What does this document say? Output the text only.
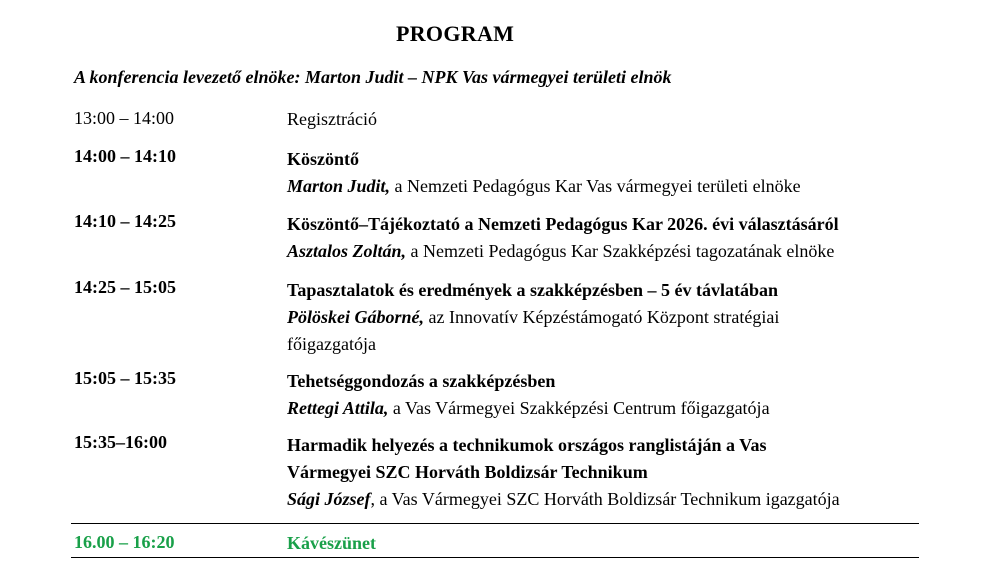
PROGRAM
A konferencia levezető elnöke: Marton Judit – NPK Vas vármegyei területi elnök
13:00 – 14:00	Regisztráció
14:00 – 14:10	Köszöntő
Marton Judit, a Nemzeti Pedagógus Kar Vas vármegyei területi elnöke
14:10 – 14:25	Köszöntő–Tájékoztató a Nemzeti Pedagógus Kar 2026. évi választásáról
Asztalos Zoltán, a Nemzeti Pedagógus Kar Szakképzési tagozatának elnöke
14:25 – 15:05	Tapasztalatok és eredmények a szakképzésben – 5 év távlatában
Pölöskei Gáborné, az Innovatív Képzéstámogató Központ stratégiai főigazgatója
15:05 – 15:35	Tehetséggondozás a szakképzésben
Rettegi Attila, a Vas Vármegyei Szakképzési Centrum főigazgatója
15:35–16:00	Harmadik helyezés a technikumok országos ranglistáján a Vas Vármegyei SZC Horváth Boldizsár Technikum
Sági József, a Vas Vármegyei SZC Horváth Boldizsár Technikum igazgatója
16.00 – 16:20	Kávészünet
